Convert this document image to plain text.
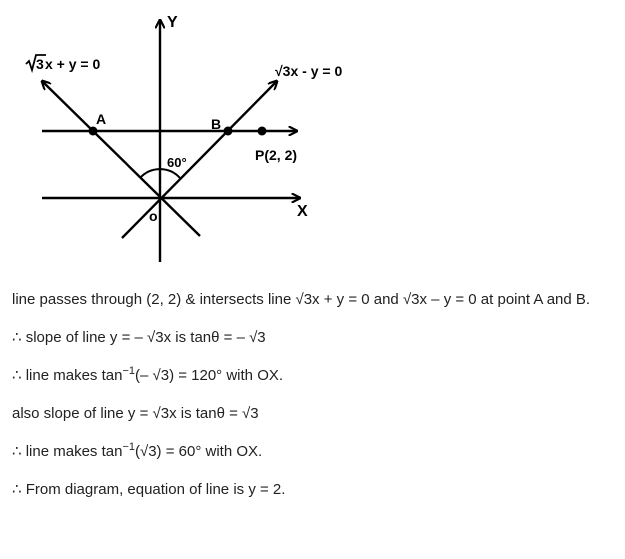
Y
X
o
A	B
P(2, 2)
60°
3 x + y = 0	√3x - y = 0

line passes through (2, 2) & intersects line √3x + y = 0 and √3x – y = 0 at point A and B.

∴ slope of line y = – √3x is tanθ = – √3

∴ line makes $\tan^{-1}(-$ √3) = 120° with OX.

also slope of line y = √3x is tanθ = √3

∴ line makes $\tan^{-1}(√3) = 60^\circ$ with OX.

∴ From diagram, equation of line is y = 2.
